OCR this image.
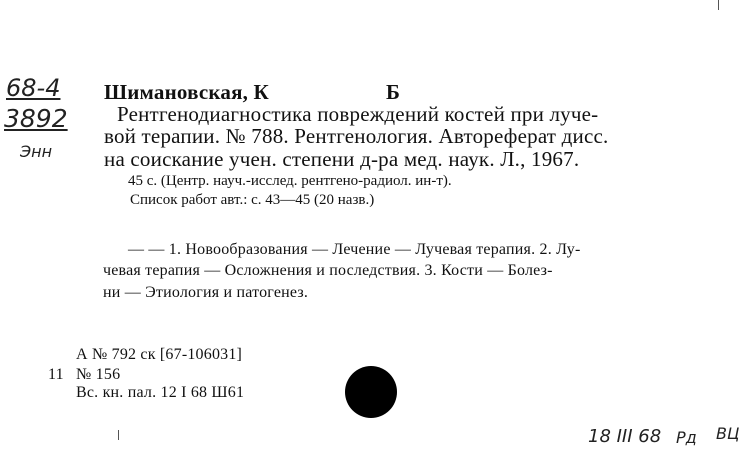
68-4
3892
Энн
Шимановская, К	Б
Рентгенодиагностика повреждений костей при луче-
вой терапии. № 788. Рентгенология. Автореферат дисс.
на соискание учен. степени д-ра мед. наук. Л., 1967.
45 с. (Центр. науч.-исслед. рентгено-радиол. ин-т).
Список работ авт.: с. 43—45 (20 назв.)
— — 1. Новообразования — Лечение — Лучевая терапия. 2. Лу-
чевая терапия — Осложнения и последствия. 3. Кости — Болез-
ни — Этиология и патогенез.
А № 792 ск [67-106031]
11 № 156
Вс. кн. пал. 12 I 68 Ш61
18 III 68 Рд ВЦ
